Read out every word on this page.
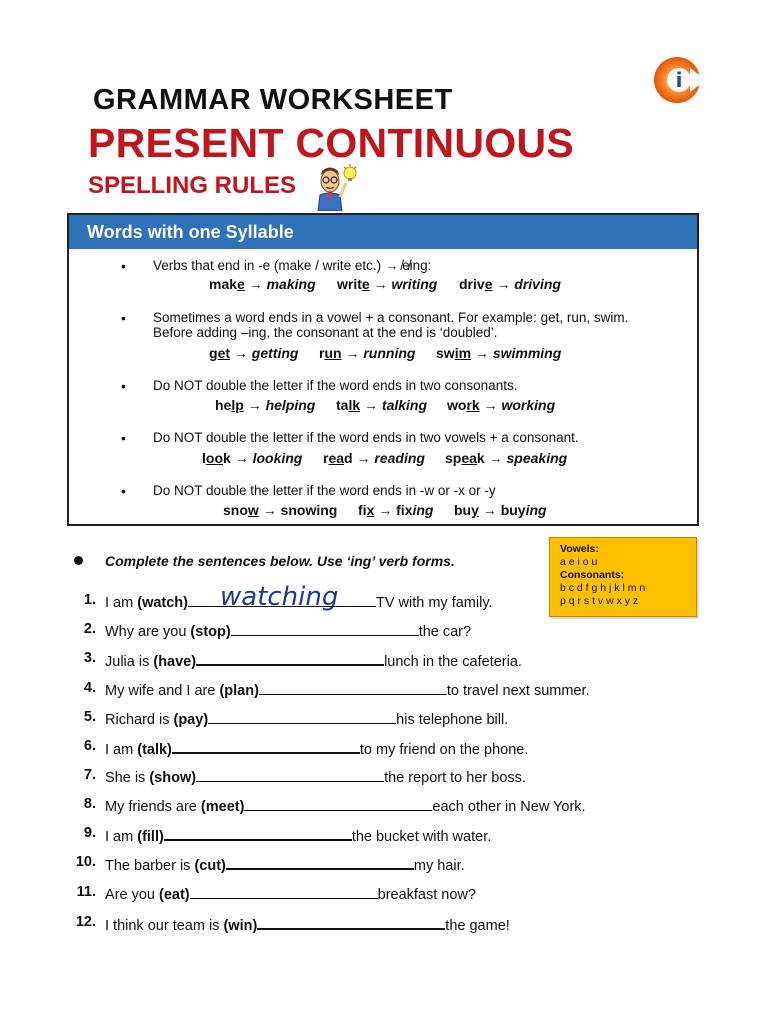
GRAMMAR WORKSHEET
PRESENT CONTINUOUS
SPELLING RULES
i
Words with one Syllable
• Verbs that end in -e (make / write etc.) → ̸e̸ing:
make → making write → writing drive → driving
• Sometimes a word ends in a vowel + a consonant. For example: get, run, swim.
Before adding –ing, the consonant at the end is ‘doubled’.
get → getting run → running swim → swimming
• Do NOT double the letter if the word ends in two consonants.
help → helping talk → talking work → working
• Do NOT double the letter if the word ends in two vowels + a consonant.
look → looking read → reading speak → speaking
• Do NOT double the letter if the word ends in -w or -x or -y
snow → snowing fix → fixing buy → buying
Vowels:
a e i o u
Consonants:
b c d f g h j k l m n
p q r s t v w x y z
Complete the sentences below. Use ‘ing’ verb forms.
watching
1. I am (watch)	TV with my family.
2. Why are you (stop)	the car?
3. Julia is (have)	lunch in the cafeteria.
4. My wife and I are (plan)	to travel next summer.
5. Richard is (pay)	his telephone bill.
6. I am (talk)	to my friend on the phone.
7. She is (show)	the report to her boss.
8. My friends are (meet)	each other in New York.
9. I am (fill)	the bucket with water.
10. The barber is (cut)	my hair.
11. Are you (eat)	breakfast now?
12. I think our team is (win)	the game!
